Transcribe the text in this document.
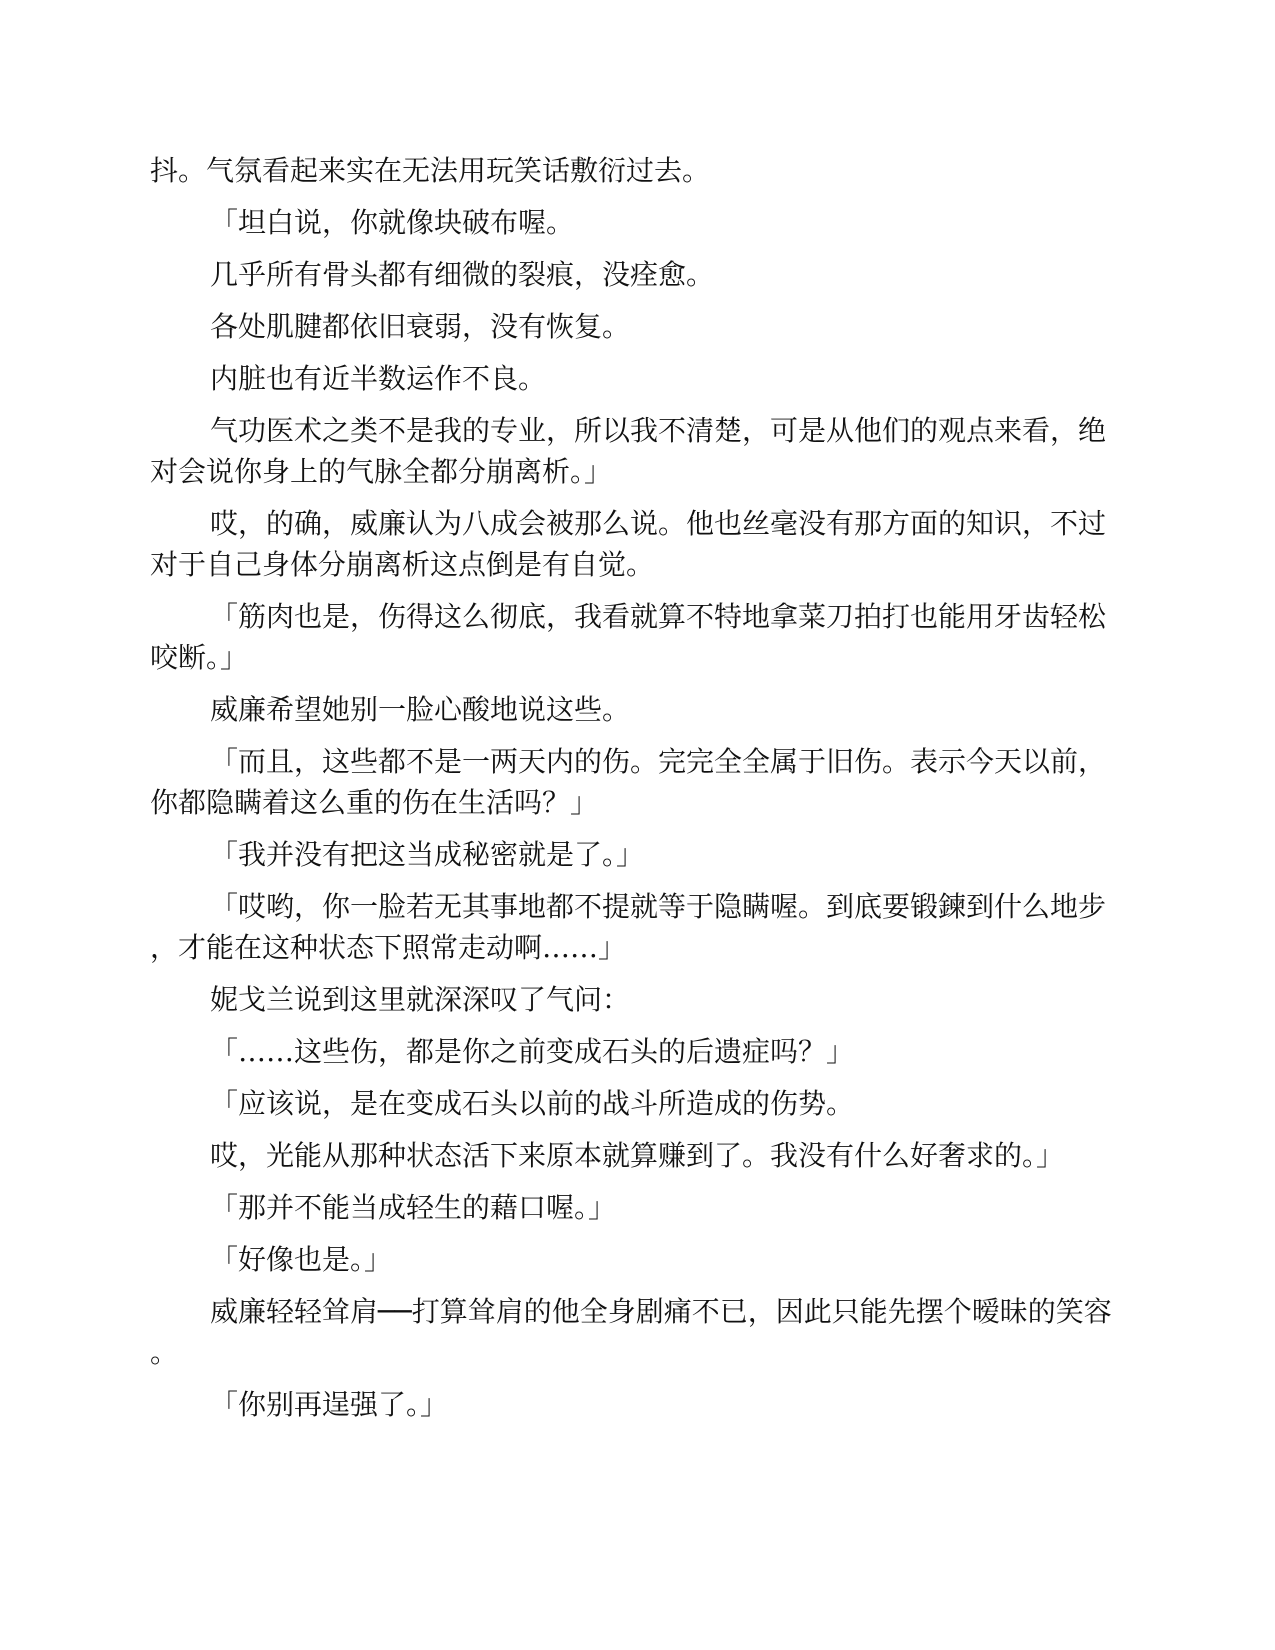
抖。气氛看起来实在无法用玩笑话敷衍过去。

「坦白说，你就像块破布喔。

几乎所有骨头都有细微的裂痕，没痊愈。

各处肌腱都依旧衰弱，没有恢复。

内脏也有近半数运作不良。

气功医术之类不是我的专业，所以我不清楚，可是从他们的观点来看，绝对会说你身上的气脉全都分崩离析。」

哎，的确，威廉认为八成会被那么说。他也丝毫没有那方面的知识，不过对于自己身体分崩离析这点倒是有自觉。

「筋肉也是，伤得这么彻底，我看就算不特地拿菜刀拍打也能用牙齿轻松咬断。」

威廉希望她别一脸心酸地说这些。

「而且，这些都不是一两天内的伤。完完全全属于旧伤。表示今天以前，你都隐瞒着这么重的伤在生活吗？」

「我并没有把这当成秘密就是了。」

「哎哟，你一脸若无其事地都不提就等于隐瞒喔。到底要锻鍊到什么地步，才能在这种状态下照常走动啊……」

妮戈兰说到这里就深深叹了气问：

「……这些伤，都是你之前变成石头的后遗症吗？」

「应该说，是在变成石头以前的战斗所造成的伤势。

哎，光能从那种状态活下来原本就算赚到了。我没有什么好奢求的。」

「那并不能当成轻生的藉口喔。」

「好像也是。」

威廉轻轻耸肩──打算耸肩的他全身剧痛不已，因此只能先摆个暧昧的笑容。

「你别再逞强了。」
